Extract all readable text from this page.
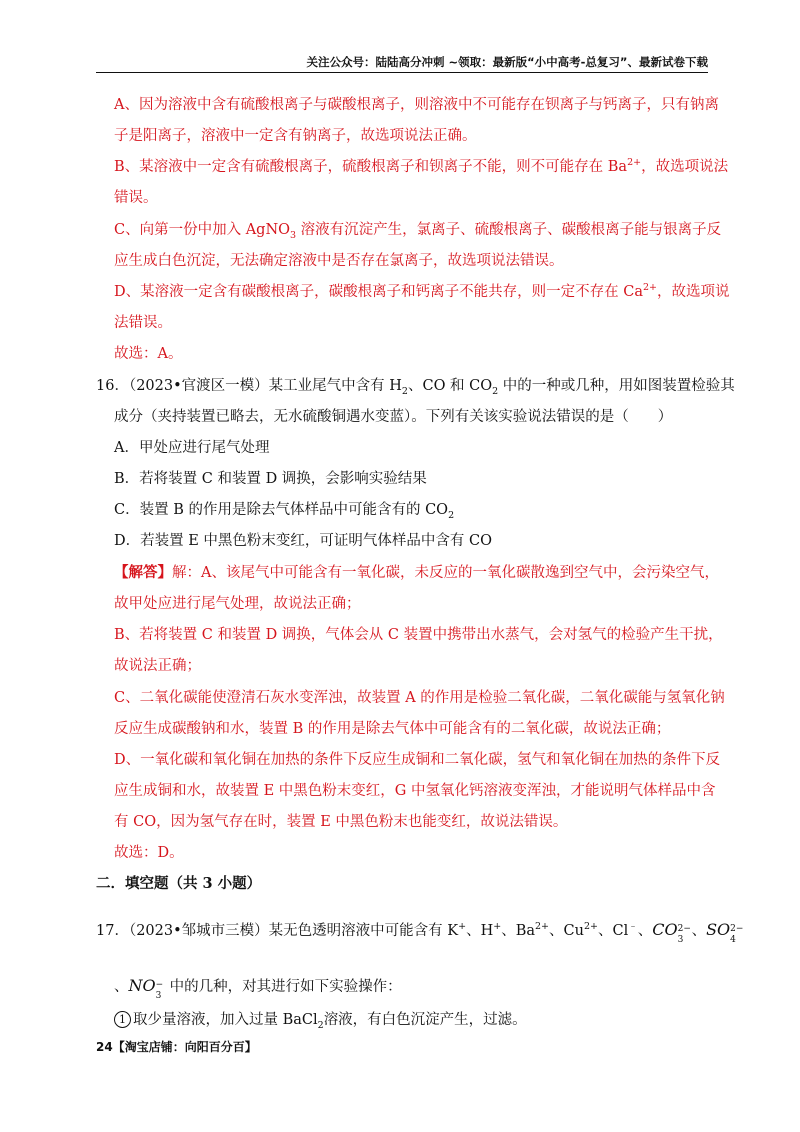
关注公众号：陆陆高分冲刺 ~领取：最新版“小中高考-总复习”、最新试卷下载
A、因为溶液中含有硫酸根离子与碳酸根离子，则溶液中不可能存在钡离子与钙离子，只有钠离
子是阳离子，溶液中一定含有钠离子，故选项说法正确。
B、某溶液中一定含有硫酸根离子，硫酸根离子和钡离子不能，则不可能存在 $Ba^{2+}$，故选项说法
错误。
C、向第一份中加入 AgNO$_3$ 溶液有沉淀产生，氯离子、硫酸根离子、碳酸根离子能与银离子反
应生成白色沉淀，无法确定溶液中是否存在氯离子，故选项说法错误。
D、某溶液一定含有碳酸根离子，碳酸根离子和钙离子不能共存，则一定不存在 $Ca^{2+}$，故选项说
法错误。
故选：A。
16．（2023•官渡区一模）某工业尾气中含有 $H_2$、CO 和 $CO_2$ 中的一种或几种，用如图装置检验其
成分（夹持装置已略去，无水硫酸铜遇水变蓝）。下列有关该实验说法错误的是（　　）
A．甲处应进行尾气处理
B．若将装置 C 和装置 D 调换，会影响实验结果
C．装置 B 的作用是除去气体样品中可能含有的 $CO_2$
D．若装置 E 中黑色粉末变红，可证明气体样品中含有 CO
【解答】解：A、该尾气中可能含有一氧化碳，未反应的一氧化碳散逸到空气中，会污染空气，
故甲处应进行尾气处理，故说法正确；
B、若将装置 C 和装置 D 调换，气体会从 C 装置中携带出水蒸气，会对氢气的检验产生干扰，
故说法正确；
C、二氧化碳能使澄清石灰水变浑浊，故装置 A 的作用是检验二氧化碳，二氧化碳能与氢氧化钠
反应生成碳酸钠和水，装置 B 的作用是除去气体中可能含有的二氧化碳，故说法正确；
D、一氧化碳和氧化铜在加热的条件下反应生成铜和二氧化碳，氢气和氧化铜在加热的条件下反
应生成铜和水，故装置 E 中黑色粉末变红，G 中氢氧化钙溶液变浑浊，才能说明气体样品中含
有 CO，因为氢气存在时，装置 E 中黑色粉末也能变红，故说法错误。
故选：D。
二．填空题（共 3 小题）
17．（2023•邹城市三模）某无色透明溶液中可能含有 K+、H+、$Ba^{2+}$、$Cu^{2+}$、Cl﹣、CO 2−
3
、SO 2−
4
、NO −
3
中的几种，对其进行如下实验操作：
1 取少量溶液，加入过量 BaCl$_2$溶液，有白色沉淀产生，过滤。
24【淘宝店铺：向阳百分百】
